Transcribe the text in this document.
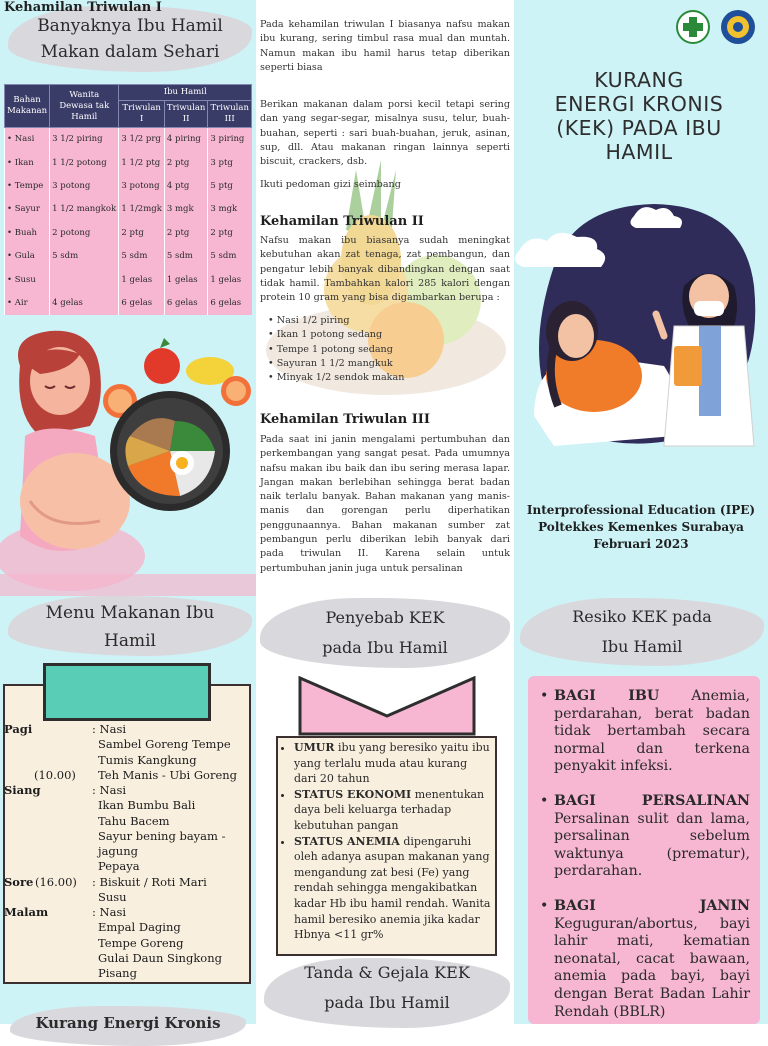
Banyaknya Ibu Hamil
Makan dalam Sehari
Bahan Makanan	Wanita Dewasa tak Hamil	Ibu Hamil		
		Triwulan I	Triwulan II	Triwulan III
• Nasi	3 1/2 piring	3 1/2 prg	4 piring	3 piring
• Ikan	1 1/2 potong	1 1/2 ptg	2 ptg	3 ptg
• Tempe	3 potong	3 potong	4 ptg	5 ptg
• Sayur	1 1/2 mangkok	1 1/2mgk	3 mgk	3 mgk
• Buah	2 potong	2 ptg	2 ptg	2 ptg
• Gula	5 sdm	5 sdm	5 sdm	5 sdm
• Susu		1 gelas	1 gelas	1 gelas
• Air	4 gelas	6 gelas	6 gelas	6 gelas
Menu Makanan Ibu
Hamil
Pagi	: Nasi
Sambel Goreng Tempe
Tumis Kangkung
(10.00)	Teh Manis - Ubi Goreng
Siang	: Nasi
Ikan Bumbu Bali
Tahu Bacem
Sayur bening bayam -
jagung
Pepaya
Sore (16.00) : Biskuit / Roti Mari
Susu
Malam	: Nasi
Empal Daging
Tempe Goreng
Gulai Daun Singkong
Pisang
Kurang Energi Kronis
Kehamilan Triwulan I
Pada kehamilan triwulan I biasanya nafsu makan ibu kurang, sering timbul rasa mual dan muntah. Namun makan ibu hamil harus tetap diberikan seperti biasa
Berikan makanan dalam porsi kecil tetapi sering dan yang segar-segar, misalnya susu, telur, buah-buahan, seperti : sari buah-buahan, jeruk, asinan, sup, dll. Atau makanan ringan lainnya seperti biscuit, crackers, dsb.
Ikuti pedoman gizi seimbang
Kehamilan Triwulan II
Nafsu makan ibu biasanya sudah meningkat kebutuhan akan zat tenaga, zat pembangun, dan pengatur lebih banyak dibandingkan dengan saat tidak hamil. Tambahkan kalori 285 kalori dengan protein 10 gram yang bisa digambarkan berupa :
• Nasi 1/2 piring
• Ikan 1 potong sedang
• Tempe 1 potong sedang
• Sayuran 1 1/2 mangkuk
• Minyak 1/2 sendok makan
Kehamilan Triwulan III
Pada saat ini janin mengalami pertumbuhan dan perkembangan yang sangat pesat. Pada umumnya nafsu makan ibu baik dan ibu sering merasa lapar. Jangan makan berlebihan sehingga berat badan naik terlalu banyak. Bahan makanan yang manis-manis dan gorengan perlu diperhatikan penggunaannya. Bahan makanan sumber zat pembangun perlu diberikan lebih banyak dari pada triwulan II. Karena selain untuk pertumbuhan janin juga untuk persalinan
Penyebab KEK
pada Ibu Hamil
• UMUR ibu yang beresiko yaitu ibu yang terlalu muda atau kurang dari 20 tahun
• STATUS EKONOMI menentukan daya beli keluarga terhadap kebutuhan pangan
• STATUS ANEMIA dipengaruhi oleh adanya asupan makanan yang mengandung zat besi (Fe) yang rendah sehingga mengakibatkan kadar Hb ibu hamil rendah. Wanita hamil beresiko anemia jika kadar Hbnya <11 gr%
Tanda & Gejala KEK
pada Ibu Hamil
KURANG
ENERGI KRONIS
(KEK) PADA IBU
HAMIL
Interprofessional Education (IPE)
Poltekkes Kemenkes Surabaya
Februari 2023
Resiko KEK pada
Ibu Hamil
• BAGI IBU Anemia, perdarahan, berat badan tidak bertambah secara normal dan terkena penyakit infeksi.
• BAGI PERSALINAN Persalinan sulit dan lama, persalinan sebelum waktunya (prematur), perdarahan.
• BAGI JANIN Keguguran/abortus, bayi lahir mati, kematian neonatal, cacat bawaan, anemia pada bayi, bayi dengan Berat Badan Lahir Rendah (BBLR)
